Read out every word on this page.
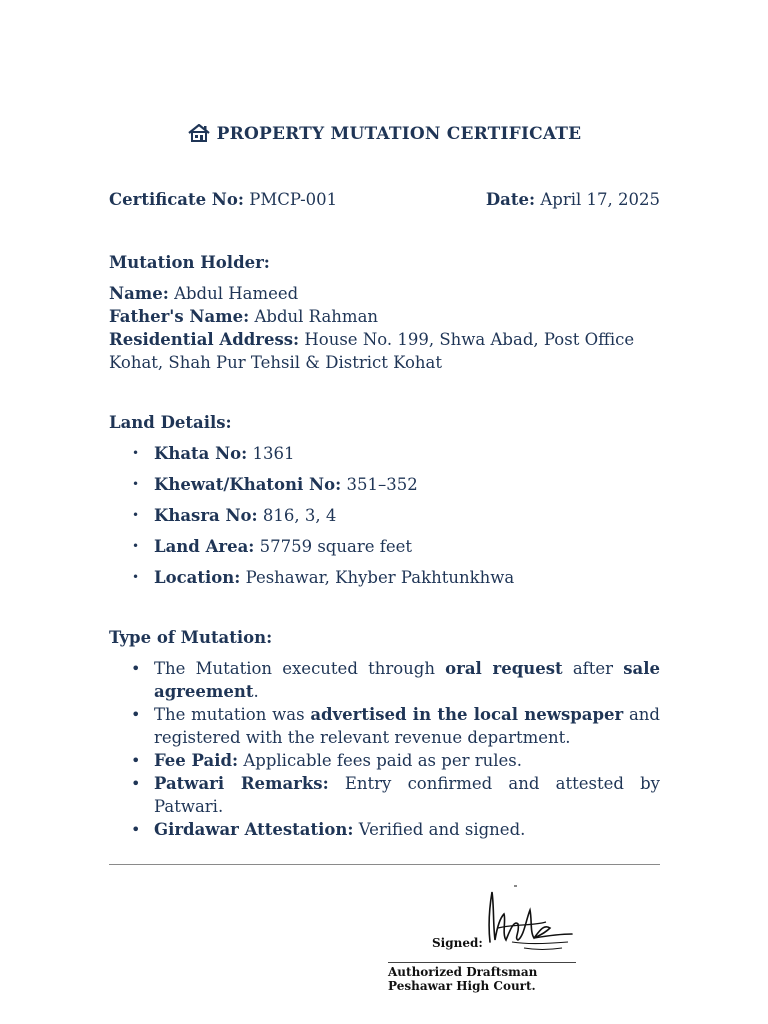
PROPERTY MUTATION CERTIFICATE
Certificate No: PMCP-001	Date: April 17, 2025
Mutation Holder:
Name: Abdul Hameed
Father's Name: Abdul Rahman
Residential Address: House No. 199, Shwa Abad, Post Office Kohat, Shah Pur Tehsil & District Kohat
Land Details:
• Khata No: 1361
• Khewat/Khatoni No: 351–352
• Khasra No: 816, 3, 4
• Land Area: 57759 square feet
• Location: Peshawar, Khyber Pakhtunkhwa
Type of Mutation:
• The Mutation executed through oral request after sale agreement.
• The mutation was advertised in the local newspaper and registered with the relevant revenue department.
• Fee Paid: Applicable fees paid as per rules.
• Patwari Remarks: Entry confirmed and attested by Patwari.
• Girdawar Attestation: Verified and signed.
Signed:
Authorized Draftsman
Peshawar High Court.
